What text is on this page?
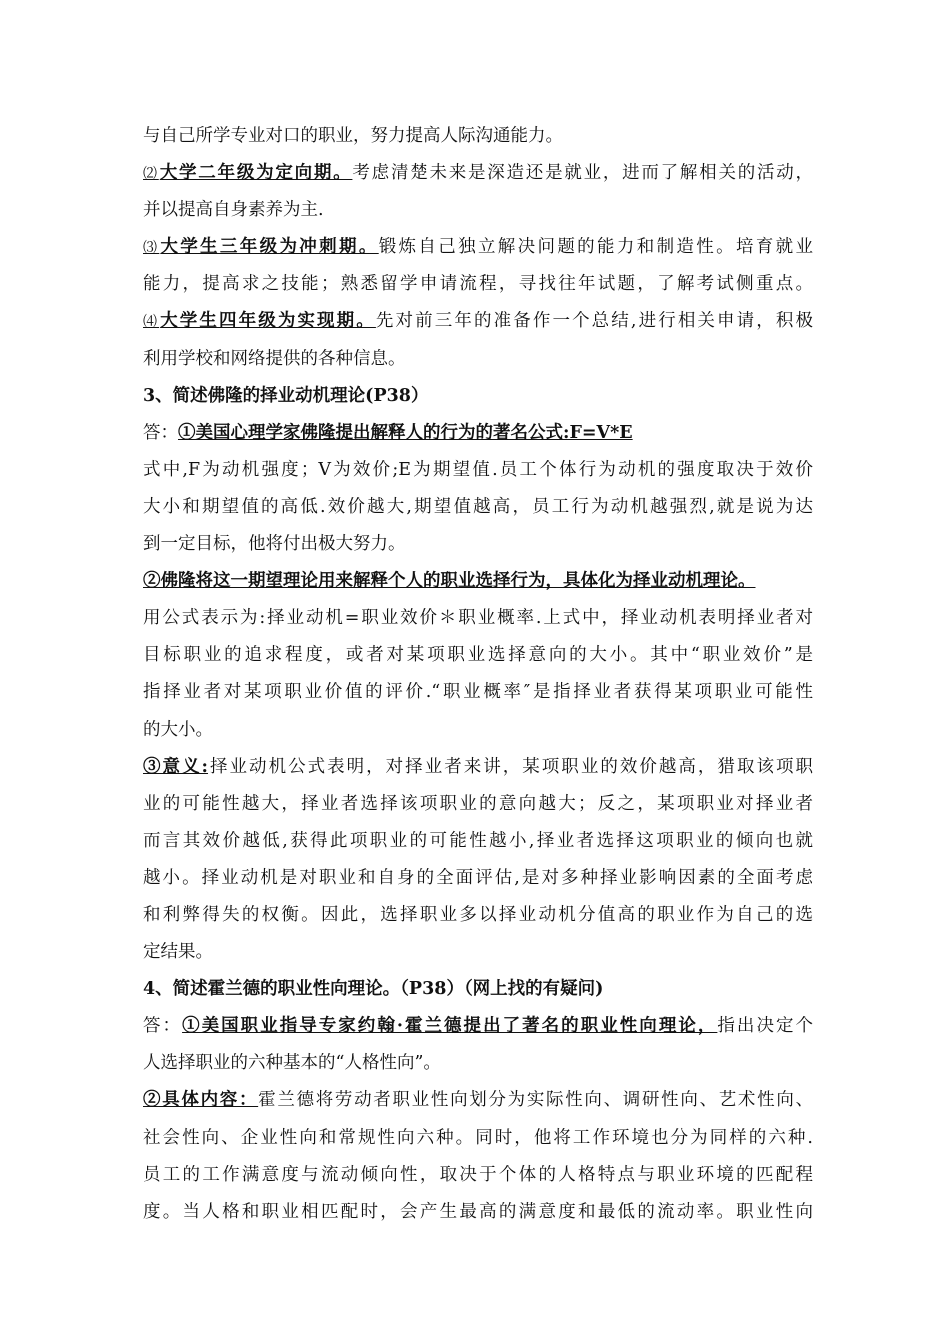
与自己所学专业对口的职业，努力提高人际沟通能力。
⑵大学二年级为定向期。考虑清楚未来是深造还是就业，进而了解相关的活动，
并以提高自身素养为主.
⑶大学生三年级为冲刺期。锻炼自己独立解决问题的能力和制造性。培育就业
能力，提高求之技能；熟悉留学申请流程，寻找往年试题，了解考试侧重点。
⑷大学生四年级为实现期。先对前三年的准备作一个总结,进行相关申请，积极
利用学校和网络提供的各种信息。
3、简述佛隆的择业动机理论(P38）
答：①美国心理学家佛隆提出解释人的行为的著名公式:F=V*E
式中,F为动机强度；V为效价;E为期望值.员工个体行为动机的强度取决于效价
大小和期望值的高低.效价越大,期望值越高，员工行为动机越强烈,就是说为达
到一定目标，他将付出极大努力。
②佛隆将这一期望理论用来解释个人的职业选择行为，具体化为择业动机理论。
用公式表示为:择业动机=职业效价＊职业概率.上式中，择业动机表明择业者对
目标职业的追求程度，或者对某项职业选择意向的大小。其中“职业效价”是
指择业者对某项职业价值的评价.“职业概率″是指择业者获得某项职业可能性
的大小。
③意义:择业动机公式表明，对择业者来讲，某项职业的效价越高，猎取该项职
业的可能性越大，择业者选择该项职业的意向越大；反之，某项职业对择业者
而言其效价越低,获得此项职业的可能性越小,择业者选择这项职业的倾向也就
越小。择业动机是对职业和自身的全面评估,是对多种择业影响因素的全面考虑
和利弊得失的权衡。因此，选择职业多以择业动机分值高的职业作为自己的选
定结果。
4、简述霍兰德的职业性向理论。（P38）（网上找的有疑问)
答：①美国职业指导专家约翰·霍兰德提出了著名的职业性向理论，指出决定个
人选择职业的六种基本的“人格性向”。
②具体内容：霍兰德将劳动者职业性向划分为实际性向、调研性向、艺术性向、
社会性向、企业性向和常规性向六种。同时，他将工作环境也分为同样的六种.
员工的工作满意度与流动倾向性，取决于个体的人格特点与职业环境的匹配程
度。当人格和职业相匹配时，会产生最高的满意度和最低的流动率。职业性向
